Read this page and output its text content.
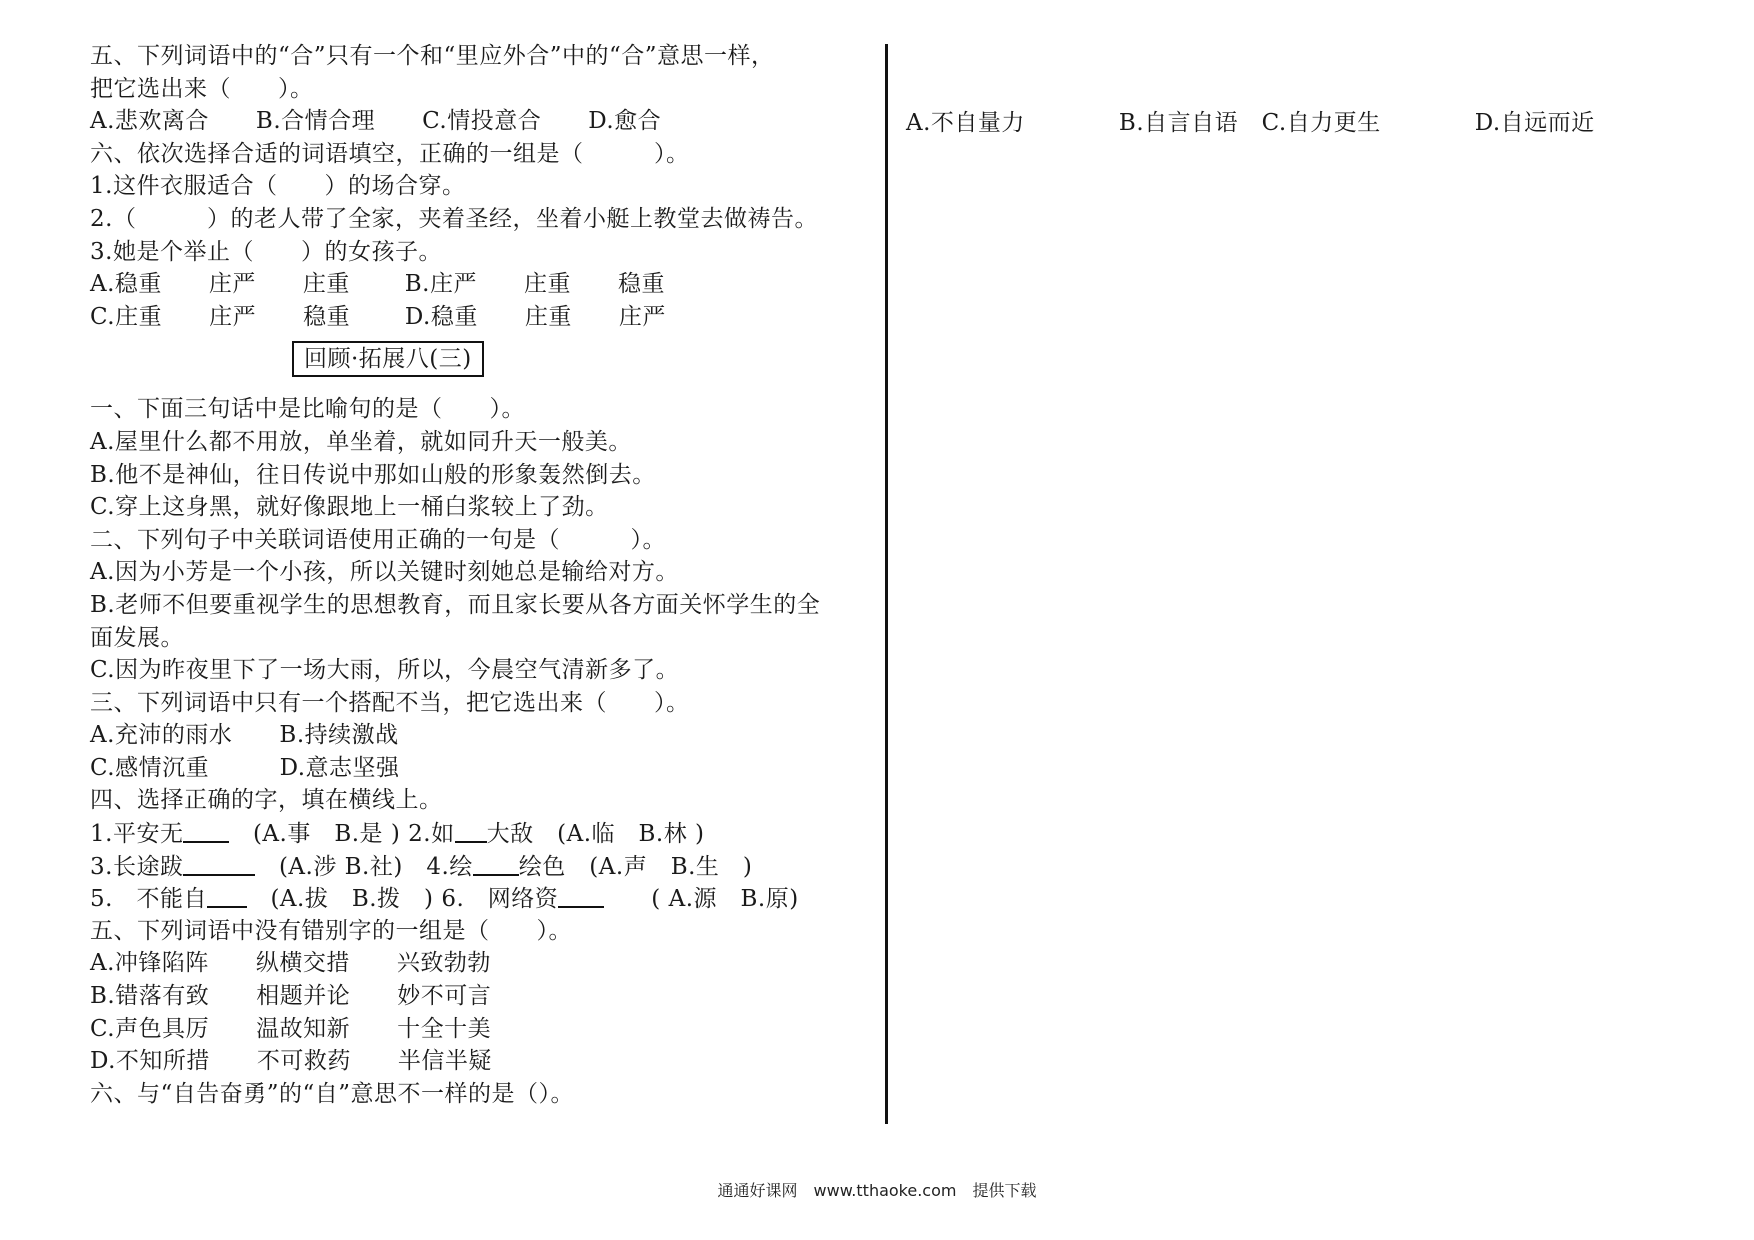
五、下列词语中的“合”只有一个和“里应外合”中的“合”意思一样，
把它选出来（　　）。
A.悲欢离合　　B.合情合理　　C.情投意合　　D.愈合
六、依次选择合适的词语填空，正确的一组是（　　　）。
1.这件衣服适合（　　）的场合穿。
2.（　　　）的老人带了全家，夹着圣经，坐着小艇上教堂去做祷告。
3.她是个举止（　　）的女孩子。
A.稳重　　庄严　　庄重　　 B.庄严　　庄重　　稳重
C.庄重　　庄严　　稳重　　 D.稳重　　庄重　　庄严
回顾·拓展八(三)
一、下面三句话中是比喻句的是（　　）。
A.屋里什么都不用放，单坐着，就如同升天一般美。
B.他不是神仙，往日传说中那如山般的形象轰然倒去。
C.穿上这身黑，就好像跟地上一桶白浆较上了劲。
二、下列句子中关联词语使用正确的一句是（　　　）。
A.因为小芳是一个小孩，所以关键时刻她总是输给对方。
B.老师不但要重视学生的思想教育，而且家长要从各方面关怀学生的全
面发展。
C.因为昨夜里下了一场大雨，所以，今晨空气清新多了。
三、下列词语中只有一个搭配不当，把它选出来（　　）。
A.充沛的雨水　　B.持续激战
C.感情沉重　　　D.意志坚强
四、选择正确的字，填在横线上。
1.平安无　(A.事　B.是 ) 2.如 大敌　(A.临　B.林 )
3.长途跋	　(A.涉 B.社)　4.绘 绘色　(A.声　B.生　)
5.　不能自　(A.拔　B.拨　) 6.　网络资　　( A.源　B.原)
五、下列词语中没有错别字的一组是（　　）。
A.冲锋陷阵　　纵横交措　　兴致勃勃
B.错落有致　　相题并论　　妙不可言
C.声色具厉　　温故知新　　十全十美
D.不知所措　　不可救药　　半信半疑
六、与“自告奋勇”的“自”意思不一样的是（）。

A.不自量力　　　　B.自言自语　C.自力更生　　　　D.自远而近

通通好课网　www.tthaoke.com　提供下载
